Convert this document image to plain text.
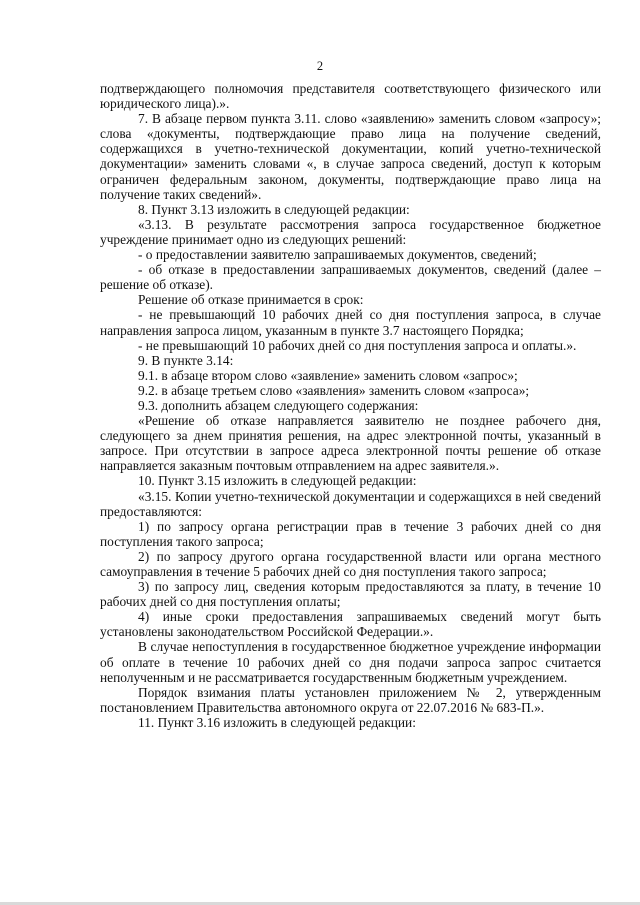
2

подтверждающего полномочия представителя соответствующего физического или юридического лица).».

7. В абзаце первом пункта 3.11. слово «заявлению» заменить словом «запросу»; слова «документы, подтверждающие право лица на получение сведений, содержащихся в учетно-технической документации, копий учетно-технической документации» заменить словами «, в случае запроса сведений, доступ к которым ограничен федеральным законом, документы, подтверждающие право лица на получение таких сведений».

8. Пункт 3.13 изложить в следующей редакции:

«3.13. В результате рассмотрения запроса государственное бюджетное учреждение принимает одно из следующих решений:

- о предоставлении заявителю запрашиваемых документов, сведений;

- об отказе в предоставлении запрашиваемых документов, сведений (далее – решение об отказе).

Решение об отказе принимается в срок:

- не превышающий 10 рабочих дней со дня поступления запроса, в случае направления запроса лицом, указанным в пункте 3.7 настоящего Порядка;

- не превышающий 10 рабочих дней со дня поступления запроса и оплаты.».

9. В пункте 3.14:

9.1. в абзаце втором слово «заявление» заменить словом «запрос»;

9.2. в абзаце третьем слово «заявления» заменить словом «запроса»;

9.3. дополнить абзацем следующего содержания:

«Решение об отказе направляется заявителю не позднее рабочего дня, следующего за днем принятия решения, на адрес электронной почты, указанный в запросе. При отсутствии в запросе адреса электронной почты решение об отказе направляется заказным почтовым отправлением на адрес заявителя.».

10. Пункт 3.15 изложить в следующей редакции:

«3.15. Копии учетно-технической документации и содержащихся в ней сведений предоставляются:

1) по запросу органа регистрации прав в течение 3 рабочих дней со дня поступления такого запроса;

2) по запросу другого органа государственной власти или органа местного самоуправления в течение 5 рабочих дней со дня поступления такого запроса;

3) по запросу лиц, сведения которым предоставляются за плату, в течение 10 рабочих дней со дня поступления оплаты;

4) иные сроки предоставления запрашиваемых сведений могут быть установлены законодательством Российской Федерации.».

В случае непоступления в государственное бюджетное учреждение информации об оплате в течение 10 рабочих дней со дня подачи запроса запрос считается неполученным и не рассматривается государственным бюджетным учреждением.

Порядок взимания платы установлен приложением № 2, утвержденным постановлением Правительства автономного округа от 22.07.2016 № 683-П.».

11. Пункт 3.16 изложить в следующей редакции:
